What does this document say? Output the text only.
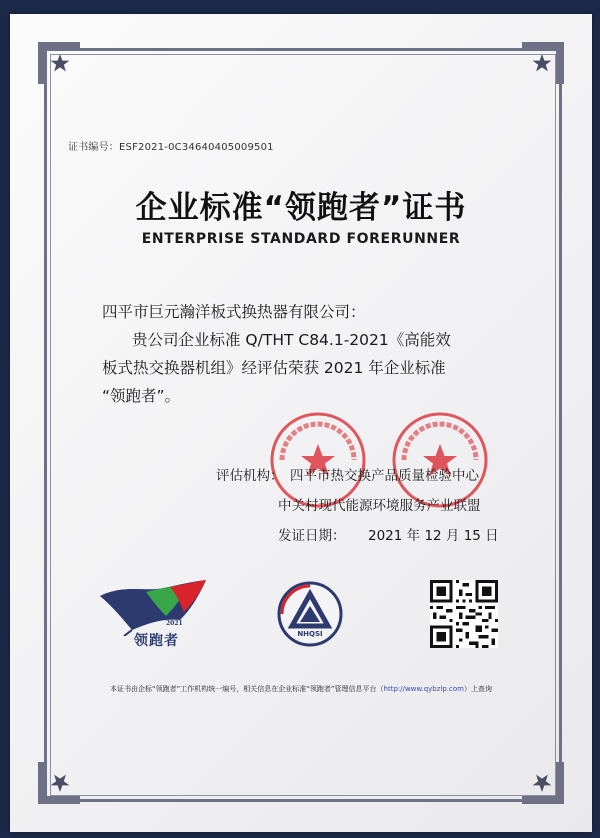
证书编号：ESF2021-0C34640405009501
企业标准“领跑者”证书
ENTERPRISE STANDARD FORERUNNER
四平市巨元瀚洋板式换热器有限公司：
贵公司企业标准 Q/THT C84.1-2021《高能效
板式热交换器机组》经评估荣获 2021 年企业标准
“领跑者”。
评估机构： 四平市热交换产品质量检验中心
中关村现代能源环境服务产业联盟
发证日期： 2021 年 12 月 15 日
2021
领跑者	NHQSI
本证书由企标“领跑者”工作机构统一编号，相关信息在企业标准“领跑者”管理信息平台（http://www.qybzlp.com）上查询
